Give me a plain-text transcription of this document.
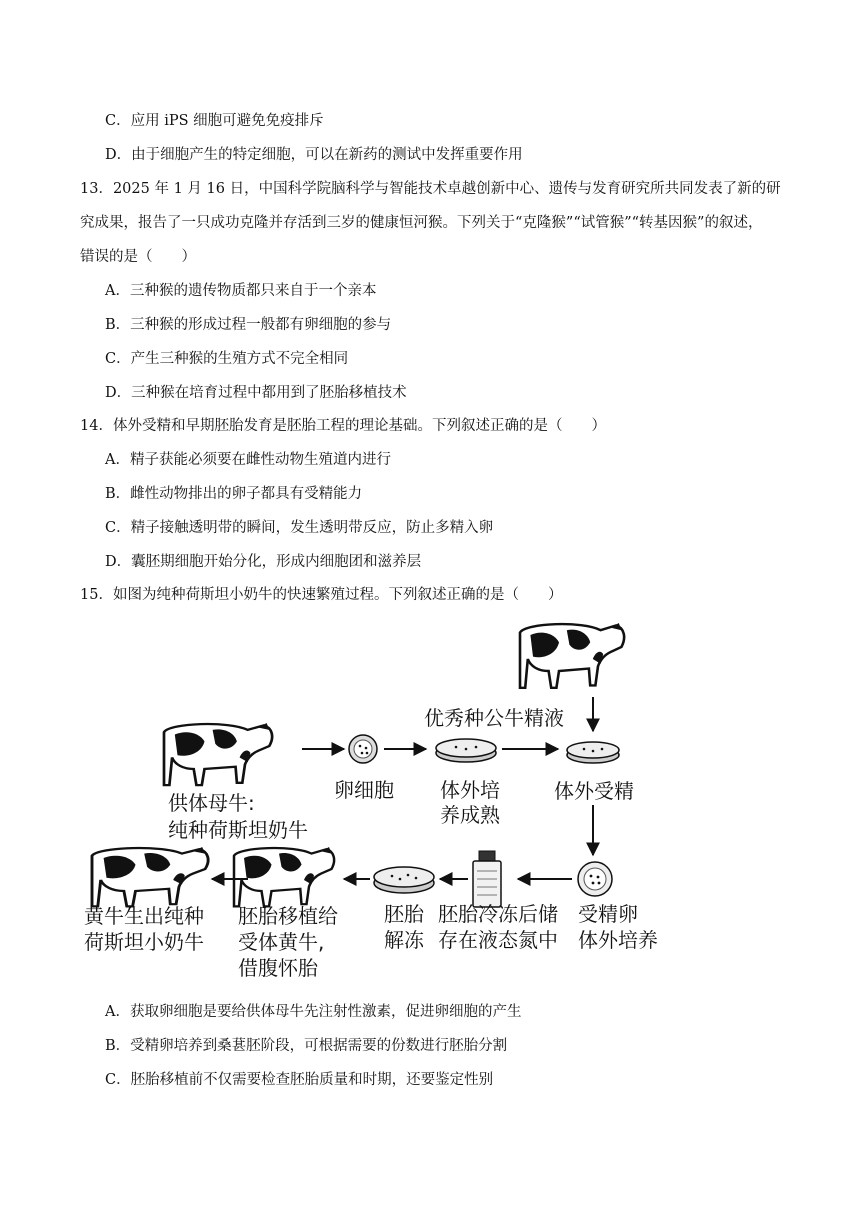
C．应用 iPS 细胞可避免免疫排斥
D．由于细胞产生的特定细胞，可以在新药的测试中发挥重要作用
13．2025 年 1 月 16 日，中国科学院脑科学与智能技术卓越创新中心、遗传与发育研究所共同发表了新的研
究成果，报告了一只成功克隆并存活到三岁的健康恒河猴。下列关于“克隆猴”“试管猴”“转基因猴”的叙述，
错误的是（　　）
A．三种猴的遗传物质都只来自于一个亲本
B．三种猴的形成过程一般都有卵细胞的参与
C．产生三种猴的生殖方式不完全相同
D．三种猴在培育过程中都用到了胚胎移植技术
14．体外受精和早期胚胎发育是胚胎工程的理论基础。下列叙述正确的是（　　）
A．精子获能必须要在雌性动物生殖道内进行
B．雌性动物排出的卵子都具有受精能力
C．精子接触透明带的瞬间，发生透明带反应，防止多精入卵
D．囊胚期细胞开始分化，形成内细胞团和滋养层
15．如图为纯种荷斯坦小奶牛的快速繁殖过程。下列叙述正确的是（　　）
优秀种公牛精液
供体母牛:
纯种荷斯坦奶牛
卵细胞 体外培
养成熟
体外受精
受精卵
体外培养
胚胎冷冻后储
存在液态氮中
胚胎
解冻
胚胎移植给
受体黄牛,
借腹怀胎
黄牛生出纯种
荷斯坦小奶牛
A．获取卵细胞是要给供体母牛先注射性激素，促进卵细胞的产生
B．受精卵培养到桑葚胚阶段，可根据需要的份数进行胚胎分割
C．胚胎移植前不仅需要检查胚胎质量和时期，还要鉴定性别
